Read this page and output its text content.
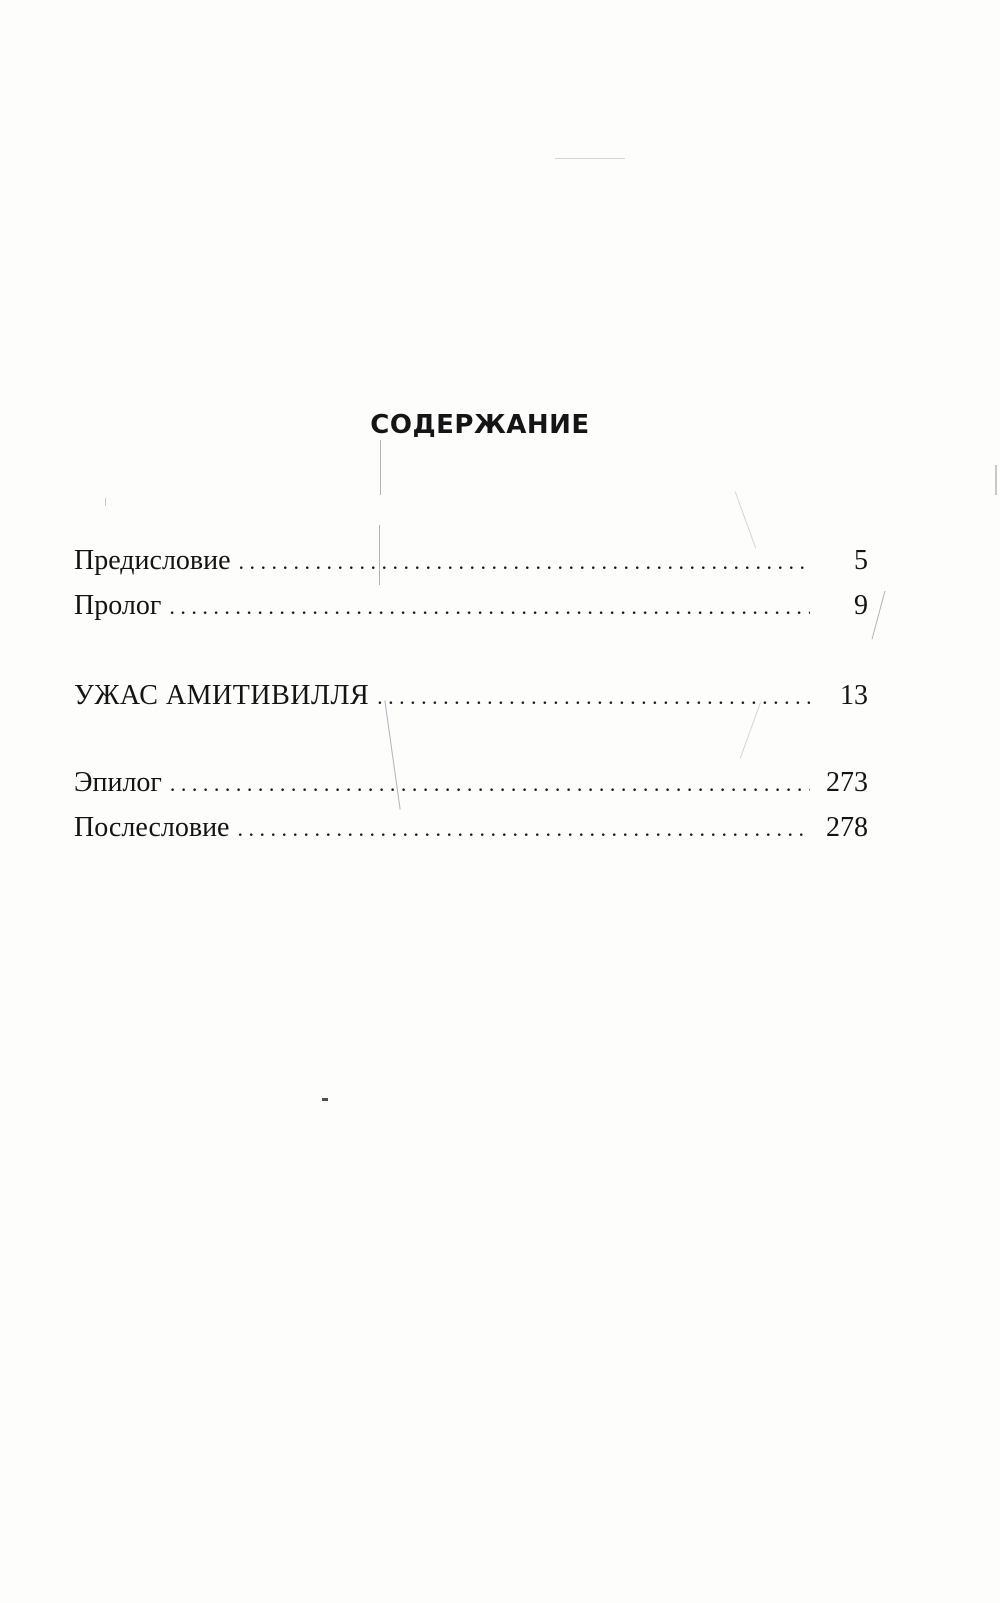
СОДЕРЖАНИЕ
Предисловие . . .	5
Пролог . . .	9
УЖАС АМИТИВИЛЛЯ . . .	13
Эпилог . . .	273
Послесловие . . .	278
